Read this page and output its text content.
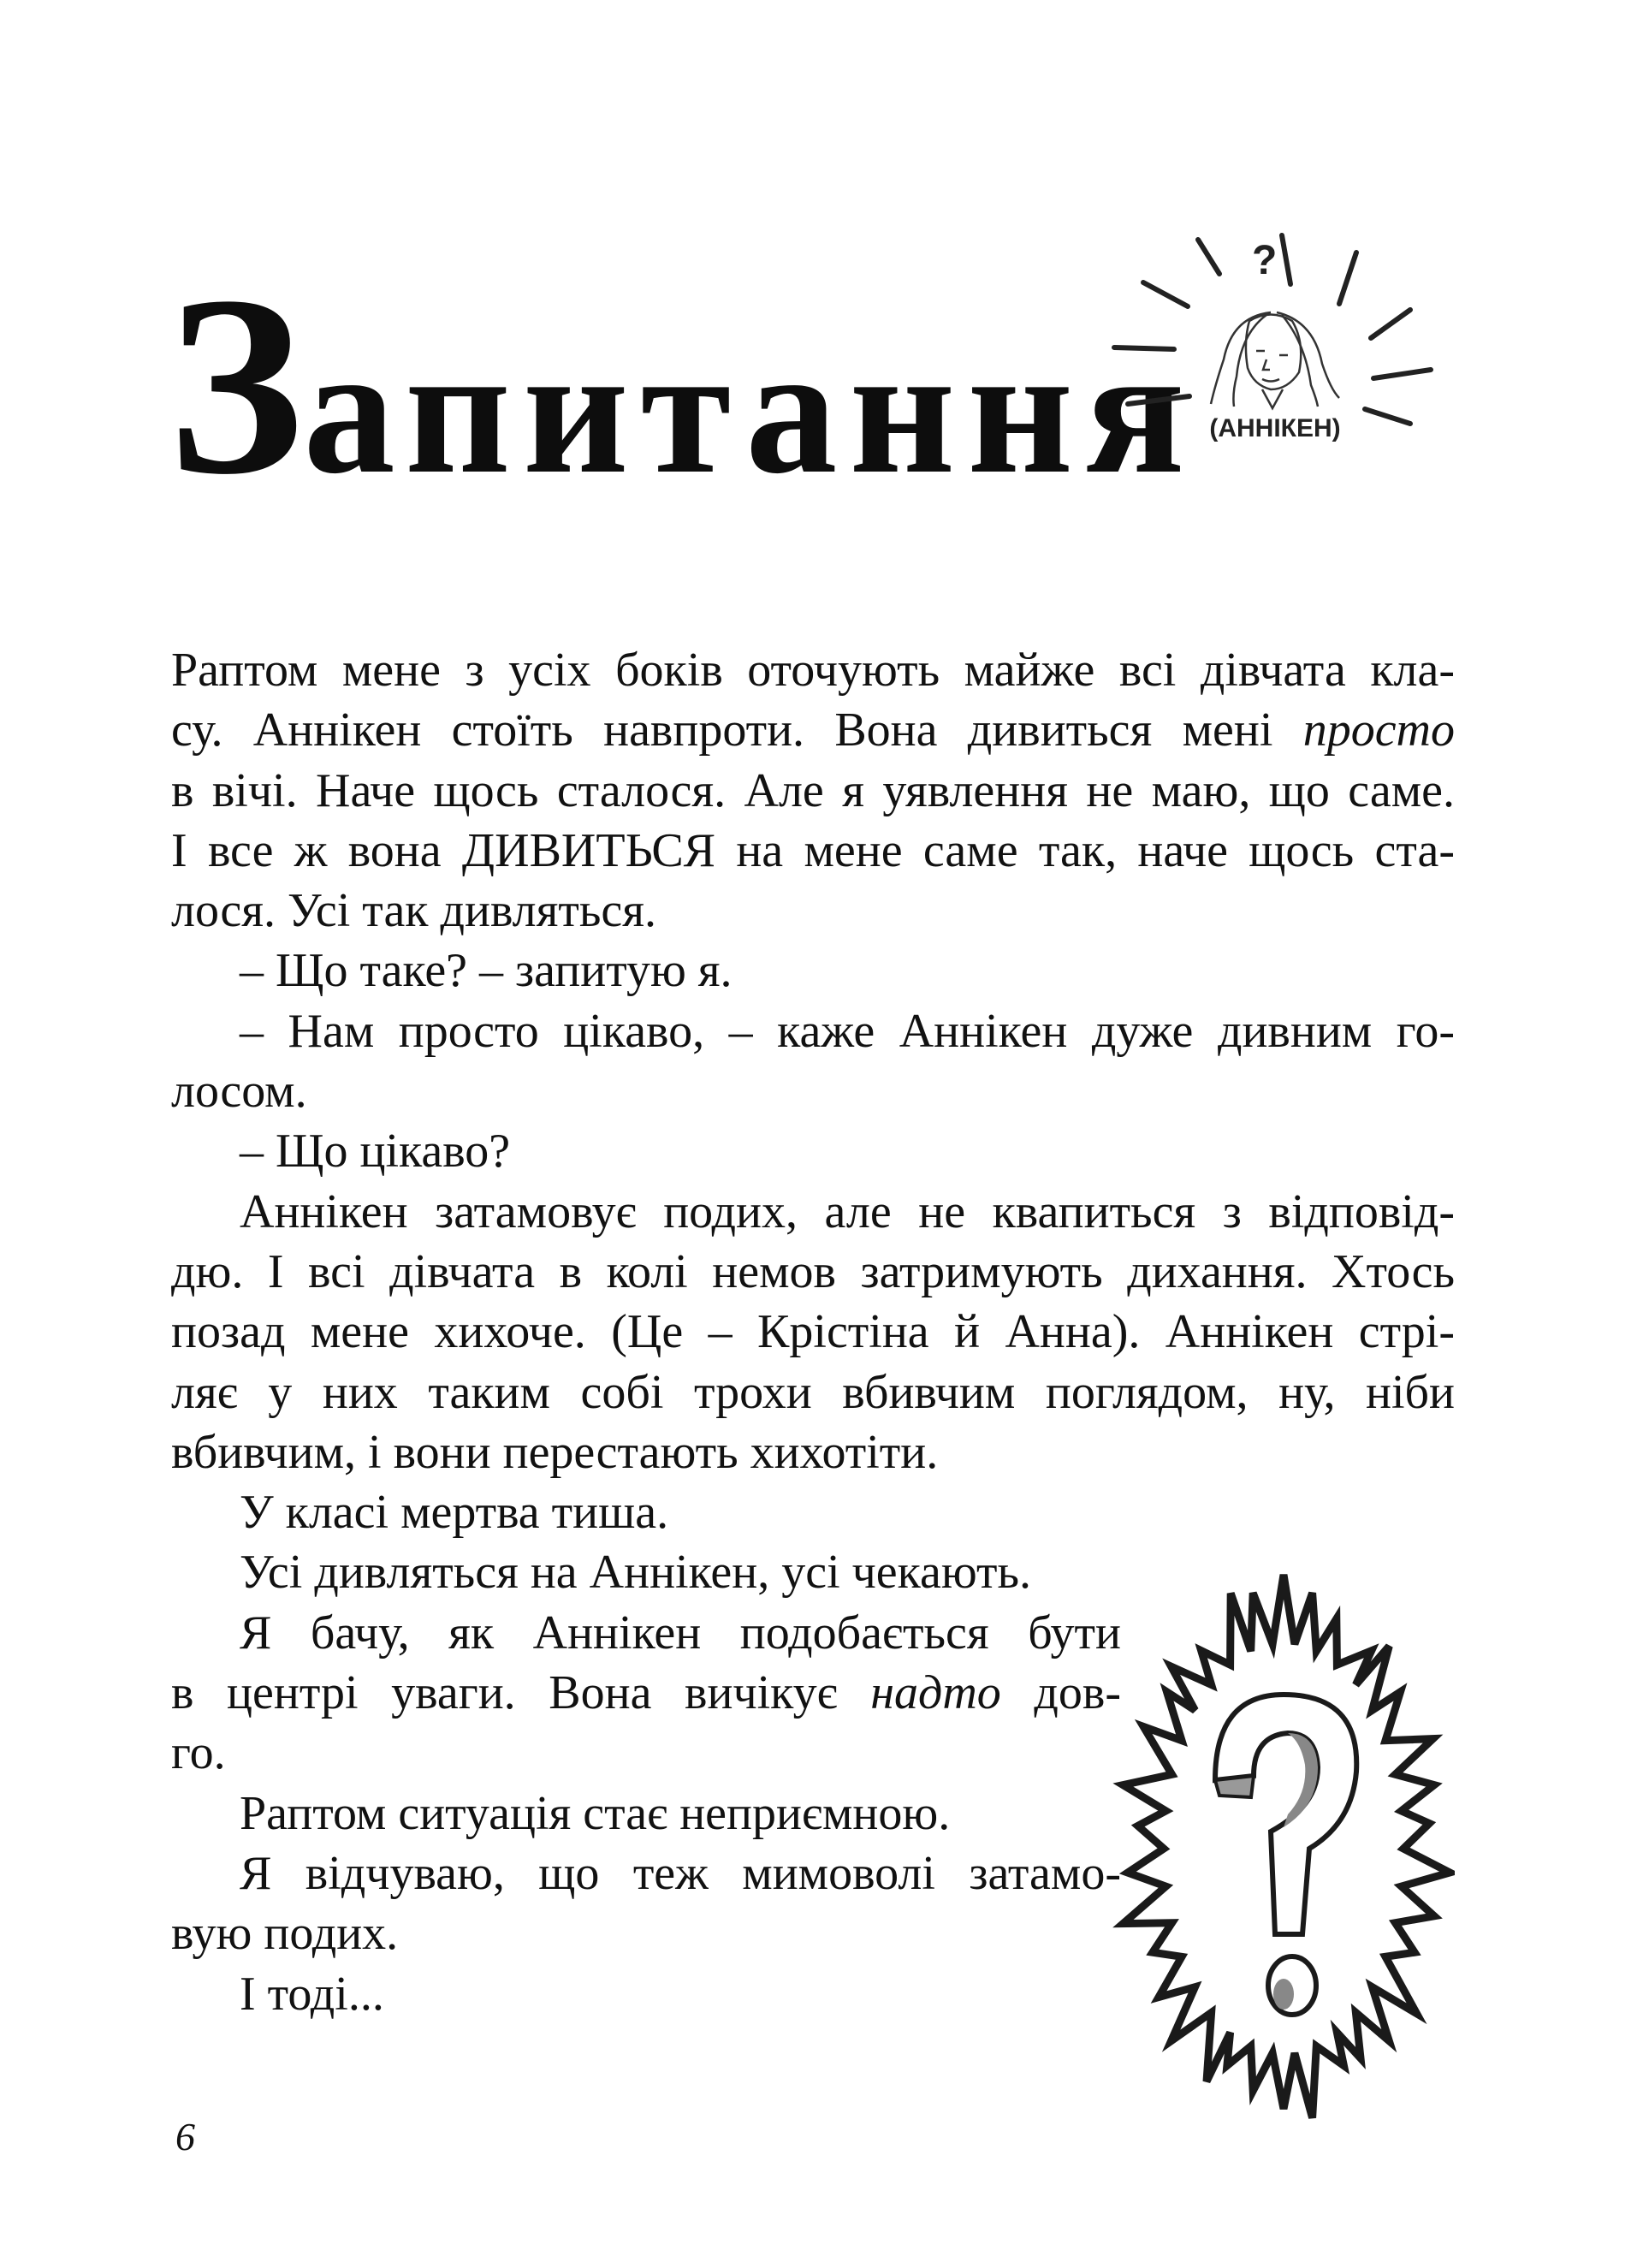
Запитання
?
(АННІКЕН)
Раптом мене з усіх боків оточують майже всі дівчата кла-
су. Аннікен стоїть навпроти. Вона дивиться мені просто
в вічі. Наче щось сталося. Але я уявлення не маю, що саме.
І все ж вона ДИВИТЬСЯ на мене саме так, наче щось ста-
лося. Усі так дивляться.
– Що таке? – запитую я.
– Нам просто цікаво, – каже Аннікен дуже дивним го-
лосом.
– Що цікаво?
Аннікен затамовує подих, але не квапиться з відповід-
дю. І всі дівчата в колі немов затримують дихання. Хтось
позад мене хихоче. (Це – Крістіна й Анна). Аннікен стрі-
ляє у них таким собі трохи вбивчим поглядом, ну, ніби
вбивчим, і вони перестають хихотіти.
У класі мертва тиша.
Усі дивляться на Аннікен, усі чекають.
Я бачу, як Аннікен подобається бути
в центрі уваги. Вона вичікує надто дов-
го.
Раптом ситуація стає неприємною.
Я відчуваю, що теж мимоволі затамо-
вую подих.
І тоді...
6
